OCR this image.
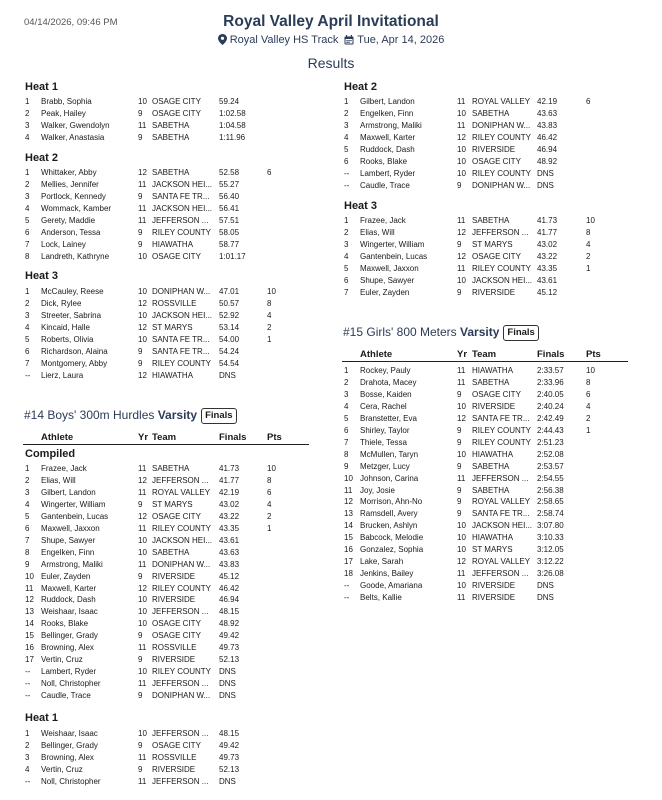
04/14/2026, 09:46 PM	Royal Valley April Invitational
Royal Valley HS Track Tue, Apr 14, 2026
Results
Heat 1
1 Brabb, Sophia	10 OSAGE CITY 59.24
2 Peak, Hailey	9 OSAGE CITY 1:02.58
3 Walker, Gwendolyn	11 SABETHA	1:04.58
4 Walker, Anastasia	9 SABETHA	1:11.96
Heat 2
1 Whittaker, Abby	12 SABETHA	52.58	6
2 Mellies, Jennifer	11 JACKSON HEI... 55.27
3 Portlock, Kennedy	9 SANTA FE TR... 56.40
4 Wommack, Kamber	11 JACKSON HEI... 56.41
5 Gerety, Maddie	11 JEFFERSON ... 57.51
6 Anderson, Tessa	9 RILEY COUNTY 58.05
7 Lock, Lainey	9 HIAWATHA	58.77
8 Landreth, Kathryne	10 OSAGE CITY 1:01.17
Heat 3
1 McCauley, Reese	10 DONIPHAN W... 47.01	10
2 Dick, Rylee	12 ROSSVILLE	50.57	8
3 Streeter, Sabrina	10 JACKSON HEI... 52.92	4
4 Kincaid, Halle	12 ST MARYS	53.14	2
5 Roberts, Olivia	10 SANTA FE TR... 54.00	1
6 Richardson, Alaina	9 SANTA FE TR... 54.24
7 Montgomery, Abby	9 RILEY COUNTY 54.54
-- Lierz, Laura	12 HIAWATHA	DNS
#14 Boys' 300m Hurdles Varsity Finals
Athlete	Yr Team	Finals Pts
Compiled
1 Frazee, Jack	11 SABETHA	41.73	10
2 Elias, Will	12 JEFFERSON ... 41.77	8
3 Gilbert, Landon	11 ROYAL VALLEY 42.19	6
4 Wingerter, William	9 ST MARYS	43.02	4
5 Gantenbein, Lucas	12 OSAGE CITY 43.22	2
6 Maxwell, Jaxxon	11 RILEY COUNTY 43.35	1
7 Shupe, Sawyer	10 JACKSON HEI... 43.61
8 Engelken, Finn	10 SABETHA	43.63
9 Armstrong, Maliki	11 DONIPHAN W... 43.83
10 Euler, Zayden	9 RIVERSIDE	45.12
11 Maxwell, Karter	12 RILEY COUNTY 46.42
12 Ruddock, Dash	10 RIVERSIDE	46.94
13 Weishaar, Isaac	10 JEFFERSON ... 48.15
14 Rooks, Blake	10 OSAGE CITY 48.92
15 Bellinger, Grady	9 OSAGE CITY 49.42
16 Browning, Alex	11 ROSSVILLE	49.73
17 Vertin, Cruz	9 RIVERSIDE	52.13
-- Lambert, Ryder	10 RILEY COUNTY DNS
-- Noll, Christopher	11 JEFFERSON ... DNS
-- Caudle, Trace	9 DONIPHAN W... DNS
Heat 1
1 Weishaar, Isaac	10 JEFFERSON ... 48.15
2 Bellinger, Grady	9 OSAGE CITY 49.42
3 Browning, Alex	11 ROSSVILLE	49.73
4 Vertin, Cruz	9 RIVERSIDE	52.13
-- Noll, Christopher	11 JEFFERSON ... DNS
Heat 2
1 Gilbert, Landon	11 ROYAL VALLEY 42.19	6
2 Engelken, Finn	10 SABETHA	43.63
3 Armstrong, Maliki	11 DONIPHAN W... 43.83
4 Maxwell, Karter	12 RILEY COUNTY 46.42
5 Ruddock, Dash	10 RIVERSIDE	46.94
6 Rooks, Blake	10 OSAGE CITY 48.92
-- Lambert, Ryder	10 RILEY COUNTY DNS
-- Caudle, Trace	9 DONIPHAN W... DNS
Heat 3
1 Frazee, Jack	11 SABETHA	41.73	10
2 Elias, Will	12 JEFFERSON ... 41.77	8
3 Wingerter, William	9 ST MARYS	43.02	4
4 Gantenbein, Lucas	12 OSAGE CITY 43.22	2
5 Maxwell, Jaxxon	11 RILEY COUNTY 43.35	1
6 Shupe, Sawyer	10 JACKSON HEI... 43.61
7 Euler, Zayden	9 RIVERSIDE	45.12
#15 Girls' 800 Meters Varsity Finals
Athlete	Yr Team	Finals Pts
1 Rockey, Pauly	11 HIAWATHA	2:33.57	10
2 Drahota, Macey	11 SABETHA	2:33.96	8
3 Bosse, Kaiden	9 OSAGE CITY 2:40.05	6
4 Cera, Rachel	10 RIVERSIDE	2:40.24	4
5 Branstetter, Eva	12 SANTA FE TR... 2:42.49	2
6 Shirley, Taylor	9 RILEY COUNTY 2:44.43	1
7 Thiele, Tessa	9 RILEY COUNTY 2:51.23
8 McMullen, Taryn	10 HIAWATHA	2:52.08
9 Metzger, Lucy	9 SABETHA	2:53.57
10 Johnson, Carina	11 JEFFERSON ... 2:54.55
11 Joy, Josie	9 SABETHA	2:56.38
12 Morrison, Ahn-No	9 ROYAL VALLEY 2:58.65
13 Ramsdell, Avery	9 SANTA FE TR... 2:58.74
14 Brucken, Ashlyn	10 JACKSON HEI... 3:07.80
15 Babcock, Melodie	10 HIAWATHA	3:10.33
16 Gonzalez, Sophia	10 ST MARYS	3:12.05
17 Lake, Sarah	12 ROYAL VALLEY 3:12.22
18 Jenkins, Bailey	11 JEFFERSON ... 3:26.08
-- Goode, Amariana	10 RIVERSIDE	DNS
-- Belts, Kallie	11 RIVERSIDE	DNS
